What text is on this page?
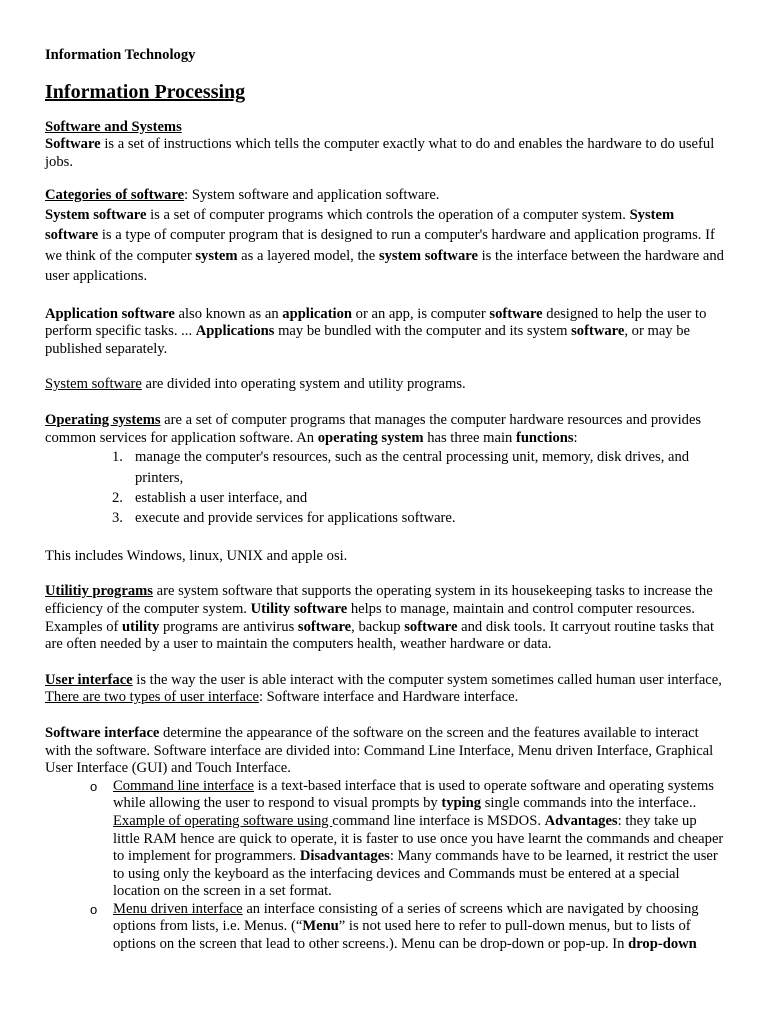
Information Technology

Information Processing

Software and Systems

Software is a set of instructions which tells the computer exactly what to do and enables the hardware to do useful jobs.

Categories of software: System software and application software.

System software is a set of computer programs which controls the operation of a computer system. System software is a type of computer program that is designed to run a computer's hardware and application programs. If we think of the computer system as a layered model, the system software is the interface between the hardware and user applications.

Application software also known as an application or an app, is computer software designed to help the user to perform specific tasks. ... Applications may be bundled with the computer and its system software, or may be published separately.

System software are divided into operating system and utility programs.

Operating systems are a set of computer programs that manages the computer hardware resources and provides common services for application software. An operating system has three main functions:

1. manage the computer's resources, such as the central processing unit, memory, disk drives, and printers,
2. establish a user interface, and
3. execute and provide services for applications software.

This includes Windows, linux, UNIX and apple osi.

Utilitiy programs are system software that supports the operating system in its housekeeping tasks to increase the efficiency of the computer system. Utility software helps to manage, maintain and control computer resources. Examples of utility programs are antivirus software, backup software and disk tools. It carryout routine tasks that are often needed by a user to maintain the computers health, weather hardware or data.

User interface is the way the user is able interact with the computer system sometimes called human user interface, There are two types of user interface: Software interface and Hardware interface.

Software interface determine the appearance of the software on the screen and the features available to interact with the software. Software interface are divided into: Command Line Interface, Menu driven Interface, Graphical User Interface (GUI) and Touch Interface.

o Command line interface is a text-based interface that is used to operate software and operating systems while allowing the user to respond to visual prompts by typing single commands into the interface.. Example of operating software using command line interface is MSDOS. Advantages: they take up little RAM hence are quick to operate, it is faster to use once you have learnt the commands and cheaper to implement for programmers. Disadvantages: Many commands have to be learned, it restrict the user to using only the keyboard as the interfacing devices and Commands must be entered at a special location on the screen in a set format.
o Menu driven interface an interface consisting of a series of screens which are navigated by choosing options from lists, i.e. Menus. (“Menu” is not used here to refer to pull-down menus, but to lists of options on the screen that lead to other screens.). Menu can be drop-down or pop-up. In drop-down
